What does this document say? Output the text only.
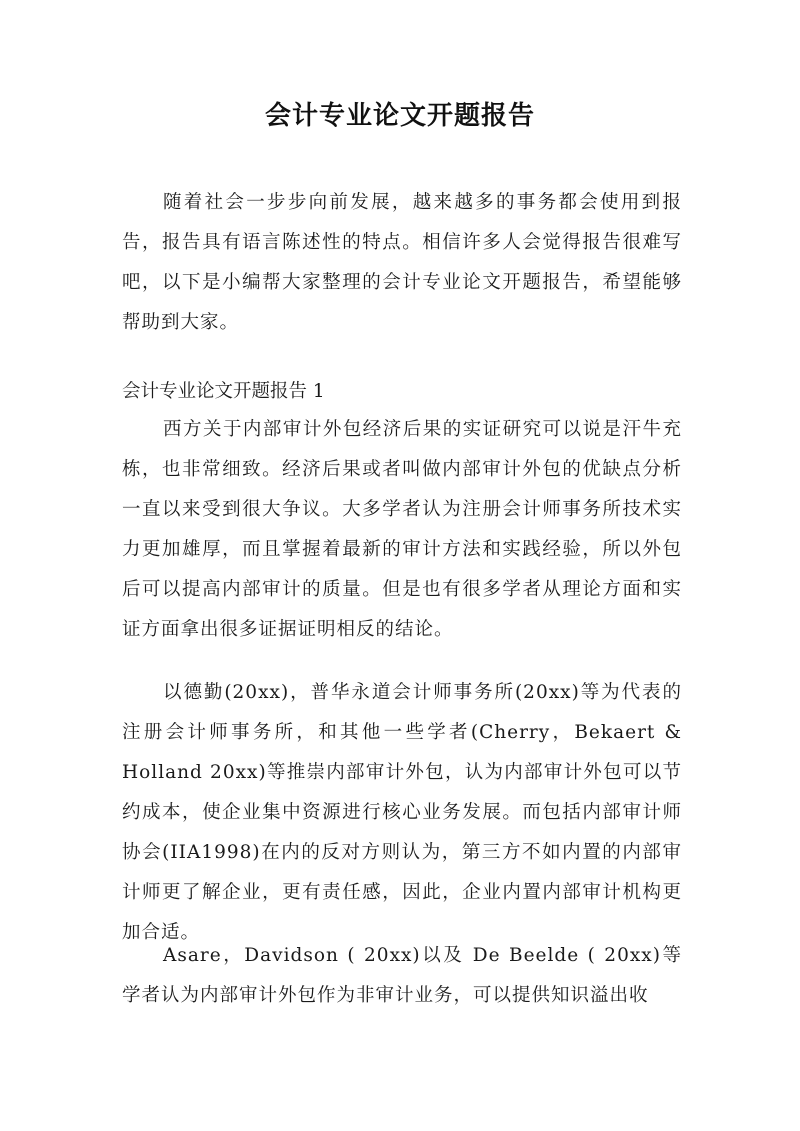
会计专业论文开题报告

随着社会一步步向前发展，越来越多的事务都会使用到报告，报告具有语言陈述性的特点。相信许多人会觉得报告很难写吧，以下是小编帮大家整理的会计专业论文开题报告，希望能够帮助到大家。

会计专业论文开题报告 1

西方关于内部审计外包经济后果的实证研究可以说是汗牛充栋，也非常细致。经济后果或者叫做内部审计外包的优缺点分析一直以来受到很大争议。大多学者认为注册会计师事务所技术实力更加雄厚，而且掌握着最新的审计方法和实践经验，所以外包后可以提高内部审计的质量。但是也有很多学者从理论方面和实证方面拿出很多证据证明相反的结论。

以德勤(20xx)，普华永道会计师事务所(20xx)等为代表的注册会计师事务所，和其他一些学者(Cherry，Bekaert & Holland 20xx)等推崇内部审计外包，认为内部审计外包可以节约成本，使企业集中资源进行核心业务发展。而包括内部审计师协会(IIA1998)在内的反对方则认为，第三方不如内置的内部审计师更了解企业，更有责任感，因此，企业内置内部审计机构更加合适。

Asare，Davidson ( 20xx)以及 De Beelde ( 20xx)等学者认为内部审计外包作为非审计业务，可以提供知识溢出收
